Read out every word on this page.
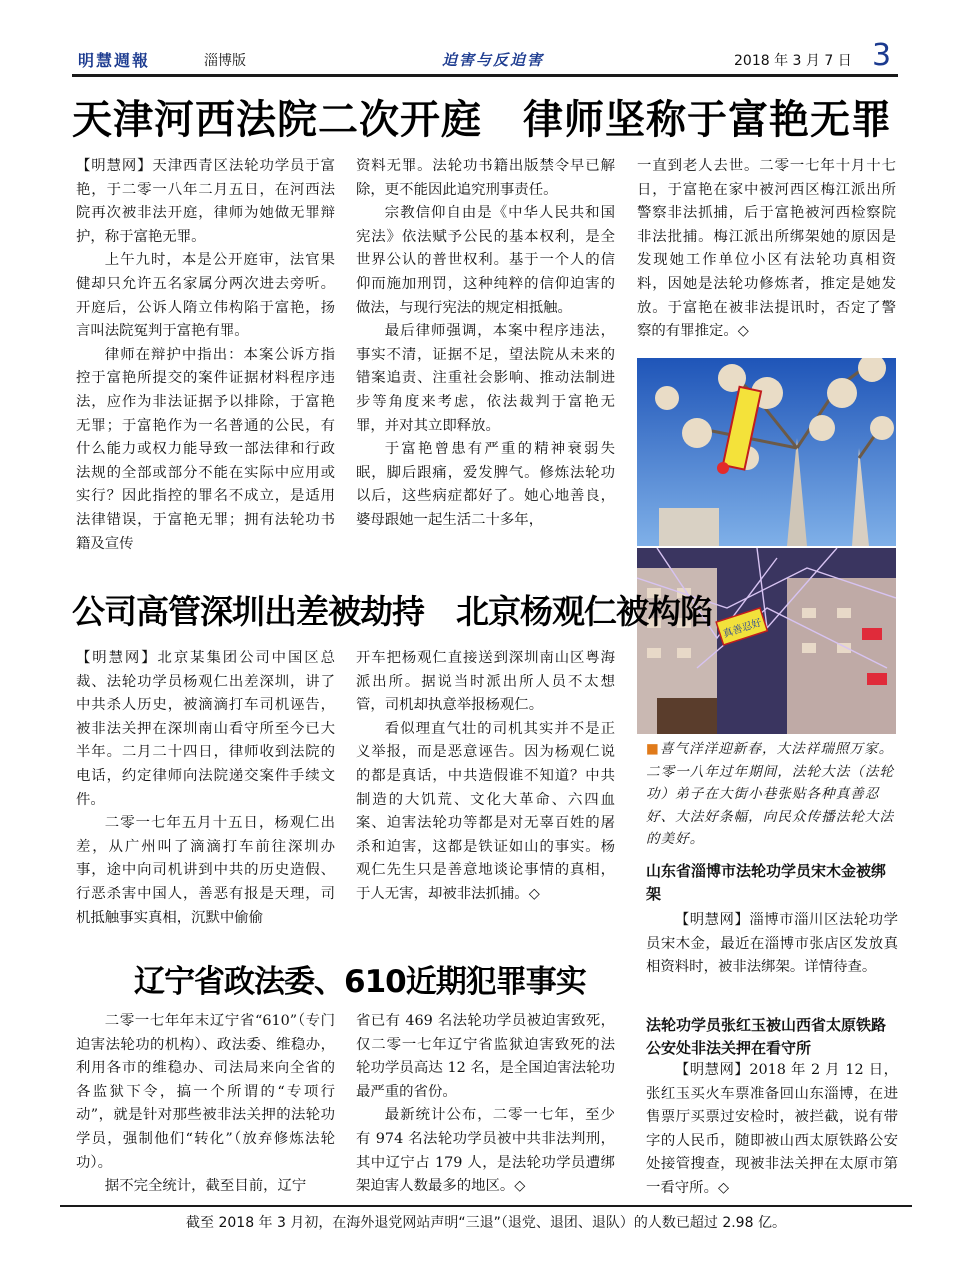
明慧週報	淄博版	迫害与反迫害	2018 年 3 月 7 日 3
天津河西法院二次开庭　律师坚称于富艳无罪

【明慧网】天津西青区法轮功学员于富艳，于二零一八年二月五日，在河西法院再次被非法开庭，律师为她做无罪辩护，称于富艳无罪。

上午九时，本是公开庭审，法官果健却只允许五名家属分两次进去旁听。开庭后，公诉人隋立伟构陷于富艳，扬言叫法院冤判于富艳有罪。

律师在辩护中指出：本案公诉方指控于富艳所提交的案件证据材料程序违法，应作为非法证据予以排除，于富艳无罪；于富艳作为一名普通的公民，有什么能力或权力能导致一部法律和行政法规的全部或部分不能在实际中应用或实行？因此指控的罪名不成立，是适用法律错误，于富艳无罪；拥有法轮功书籍及宣传

资料无罪。法轮功书籍出版禁令早已解除，更不能因此追究刑事责任。

宗教信仰自由是《中华人民共和国宪法》依法赋予公民的基本权利，是全世界公认的普世权利。基于一个人的信仰而施加刑罚，这种纯粹的信仰迫害的做法，与现行宪法的规定相抵触。

最后律师强调，本案中程序违法，事实不清，证据不足，望法院从未来的错案追责、注重社会影响、推动法制进步等角度来考虑，依法裁判于富艳无罪，并对其立即释放。

于富艳曾患有严重的精神衰弱失眠，脚后跟痛，爱发脾气。修炼法轮功以后，这些病症都好了。她心地善良，婆母跟她一起生活二十多年，

一直到老人去世。二零一七年十月十七日，于富艳在家中被河西区梅江派出所警察非法抓捕，后于富艳被河西检察院非法批捕。梅江派出所绑架她的原因是发现她工作单位小区有法轮功真相资料，因她是法轮功修炼者，推定是她发放。于富艳在被非法提讯时，否定了警察的有罪推定。◇

真善忍好
■喜气洋洋迎新春，大法祥瑞照万家。二零一八年过年期间，法轮大法（法轮功）弟子在大街小巷张贴各种真善忍好、大法好条幅，向民众传播法轮大法的美好。
山东省淄博市法轮功学员宋木金被绑架

【明慧网】淄博市淄川区法轮功学员宋木金，最近在淄博市张店区发放真相资料时，被非法绑架。详情待查。

法轮功学员张红玉被山西省太原铁路公安处非法关押在看守所

【明慧网】2018 年 2 月 12 日，张红玉买火车票准备回山东淄博，在进售票厅买票过安检时，被拦截，说有带字的人民币，随即被山西太原铁路公安处接管搜查，现被非法关押在太原市第一看守所。◇

公司高管深圳出差被劫持　北京杨观仁被构陷

【明慧网】北京某集团公司中国区总裁、法轮功学员杨观仁出差深圳，讲了中共杀人历史，被滴滴打车司机诬告，被非法关押在深圳南山看守所至今已大半年。二月二十四日，律师收到法院的电话，约定律师向法院递交案件手续文件。

二零一七年五月十五日，杨观仁出差，从广州叫了滴滴打车前往深圳办事，途中向司机讲到中共的历史造假、行恶杀害中国人，善恶有报是天理，司机抵触事实真相，沉默中偷偷

开车把杨观仁直接送到深圳南山区粤海派出所。据说当时派出所人员不太想管，司机却执意举报杨观仁。

看似理直气壮的司机其实并不是正义举报，而是恶意诬告。因为杨观仁说的都是真话，中共造假谁不知道？中共制造的大饥荒、文化大革命、六四血案、迫害法轮功等都是对无辜百姓的屠杀和迫害，这都是铁证如山的事实。杨观仁先生只是善意地谈论事情的真相，于人无害，却被非法抓捕。◇

辽宁省政法委、610近期犯罪事实

二零一七年年末辽宁省“610”（专门迫害法轮功的机构）、政法委、维稳办，利用各市的维稳办、司法局来向全省的各监狱下令，搞一个所谓的“专项行动”，就是针对那些被非法关押的法轮功学员，强制他们“转化”（放弃修炼法轮功）。

据不完全统计，截至目前，辽宁

省已有 469 名法轮功学员被迫害致死，仅二零一七年辽宁省监狱迫害致死的法轮功学员高达 12 名，是全国迫害法轮功最严重的省份。

最新统计公布，二零一七年，至少有 974 名法轮功学员被中共非法判刑，其中辽宁占 179 人，是法轮功学员遭绑架迫害人数最多的地区。◇

截至 2018 年 3 月初，在海外退党网站声明“三退”（退党、退团、退队）的人数已超过 2.98 亿。
